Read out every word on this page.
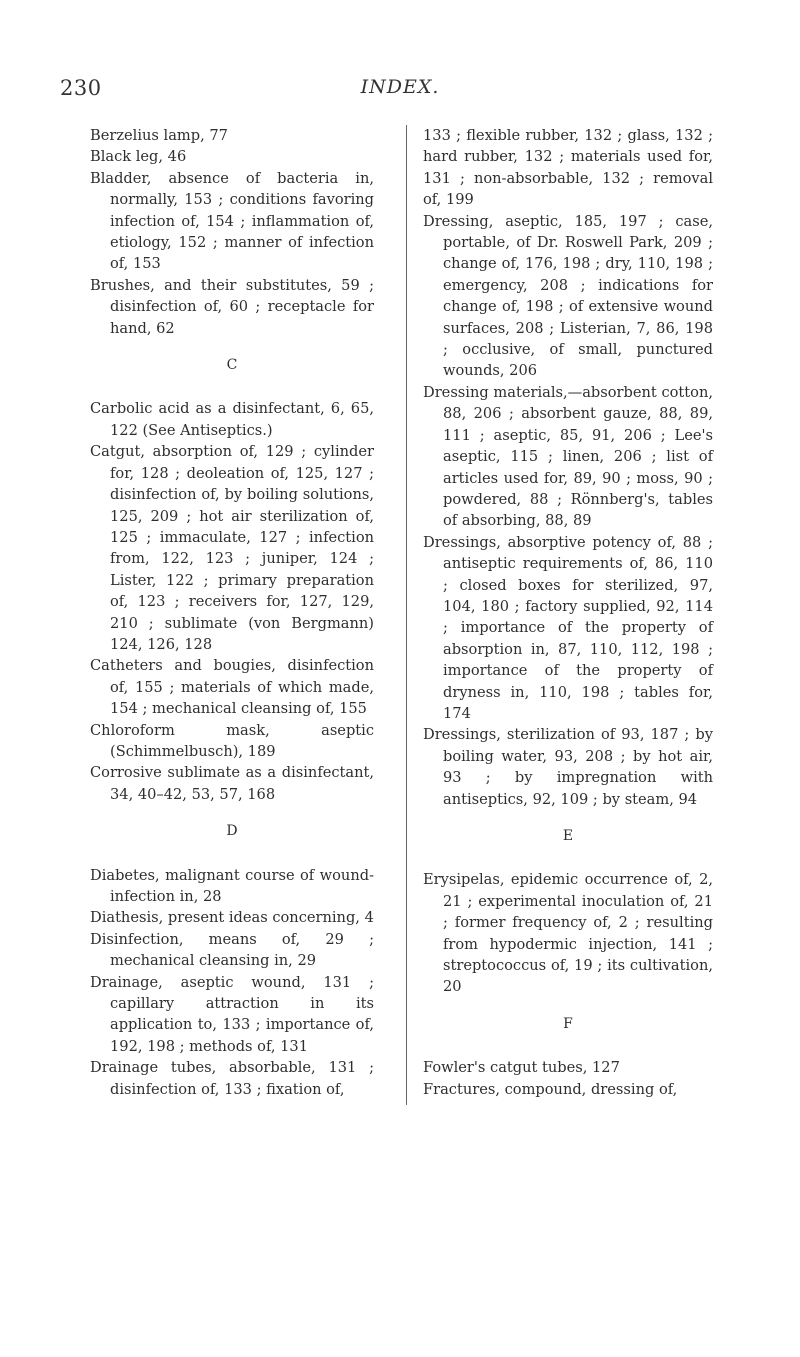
230	INDEX.

Berzelius lamp, 77

Black leg, 46

Bladder, absence of bacteria in, normally, 153 ; conditions favoring infection of, 154 ; inflammation of, etiology, 152 ; manner of infection of, 153

Brushes, and their substitutes, 59 ; disinfection of, 60 ; receptacle for hand, 62

C

Carbolic acid as a disinfectant, 6, 65, 122 (See Antiseptics.)

Catgut, absorption of, 129 ; cylinder for, 128 ; deoleation of, 125, 127 ; disinfection of, by boiling solutions, 125, 209 ; hot air sterilization of, 125 ; immaculate, 127 ; infection from, 122, 123 ; juniper, 124 ; Lister, 122 ; primary preparation of, 123 ; receivers for, 127, 129, 210 ; sublimate (von Bergmann) 124, 126, 128

Catheters and bougies, disinfection of, 155 ; materials of which made, 154 ; mechanical cleansing of, 155

Chloroform mask, aseptic (Schimmelbusch), 189

Corrosive sublimate as a disinfectant, 34, 40–42, 53, 57, 168

D

Diabetes, malignant course of wound-infection in, 28

Diathesis, present ideas concerning, 4

Disinfection, means of, 29 ; mechanical cleansing in, 29

Drainage, aseptic wound, 131 ; capillary attraction in its application to, 133 ; importance of, 192, 198 ; methods of, 131

Drainage tubes, absorbable, 131 ; disinfection of, 133 ; fixation of,

133 ; flexible rubber, 132 ; glass, 132 ; hard rubber, 132 ; materials used for, 131 ; non-absorbable, 132 ; removal of, 199

Dressing, aseptic, 185, 197 ; case, portable, of Dr. Roswell Park, 209 ; change of, 176, 198 ; dry, 110, 198 ; emergency, 208 ; indications for change of, 198 ; of extensive wound surfaces, 208 ; Listerian, 7, 86, 198 ; occlusive, of small, punctured wounds, 206

Dressing materials,—absorbent cotton, 88, 206 ; absorbent gauze, 88, 89, 111 ; aseptic, 85, 91, 206 ; Lee's aseptic, 115 ; linen, 206 ; list of articles used for, 89, 90 ; moss, 90 ; powdered, 88 ; Rönnberg's, tables of absorbing, 88, 89

Dressings, absorptive potency of, 88 ; antiseptic requirements of, 86, 110 ; closed boxes for sterilized, 97, 104, 180 ; factory supplied, 92, 114 ; importance of the property of absorption in, 87, 110, 112, 198 ; importance of the property of dryness in, 110, 198 ; tables for, 174

Dressings, sterilization of 93, 187 ; by boiling water, 93, 208 ; by hot air, 93 ; by impregnation with antiseptics, 92, 109 ; by steam, 94

E

Erysipelas, epidemic occurrence of, 2, 21 ; experimental inoculation of, 21 ; former frequency of, 2 ; resulting from hypodermic injection, 141 ; streptococcus of, 19 ; its cultivation, 20

F

Fowler's catgut tubes, 127

Fractures, compound, dressing of,
